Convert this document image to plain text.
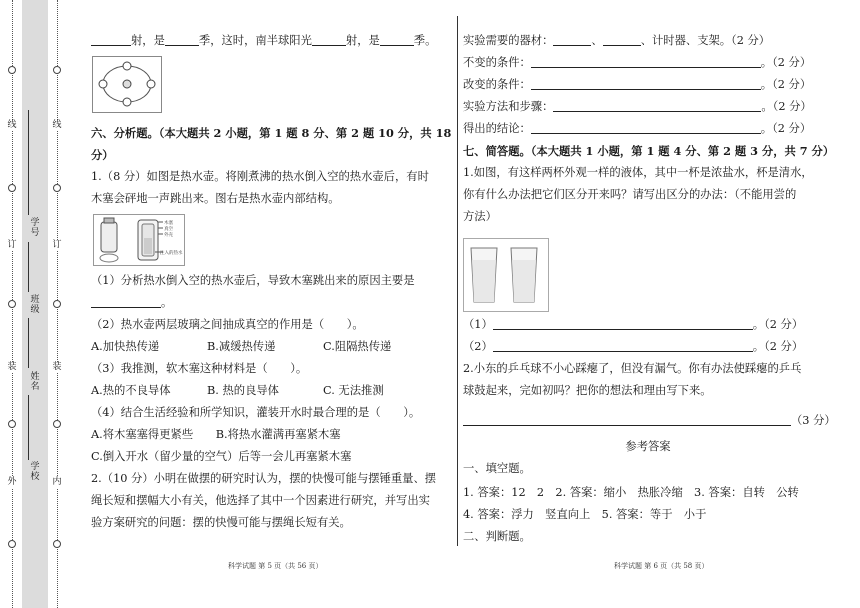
线
订
装
外
线
订
装
内
学号
班级
姓名
学校

射，是	季，这时，南半球阳光	射，是	季。

六、分析题。（本大题共 2 小题，第 1 题 8 分、第 2 题 10 分，共 18

分）

1.（8 分）如图是热水壶。将刚煮沸的热水倒入空的热水壶后，有时

木塞会砰地一声跳出来。图右是热水壶内部结构。

木塞
真空
外壳
注入的热水

（1）分析热水倒入空的热水壶后，导致木塞跳出来的原因主要是

。

（2）热水壶两层玻璃之间抽成真空的作用是（　　）。

A.加快热传递	B.减缓热传递	C.阻隔热传递

（3）我推测，软木塞这种材料是（　　）。

A.热的不良导体	B. 热的良导体	C. 无法推测

（4）结合生活经验和所学知识，灌装开水时最合理的是（　　）。

A.将木塞塞得更紧些　　B.将热水灌满再塞紧木塞

C.倒入开水（留少量的空气）后等一会儿再塞紧木塞

2.（10 分）小明在做摆的研究时认为，摆的快慢可能与摆锤重量、摆

绳长短和摆幅大小有关，他选择了其中一个因素进行研究，并写出实

验方案研究的问题：摆的快慢可能与摆绳长短有关。

实验需要的器材：	、	、计时器、支架。（2 分）

不变的条件：	。（2 分）

改变的条件：	。（2 分）

实验方法和步骤：	。（2 分）

得出的结论：	。（2 分）

七、简答题。（本大题共 1 小题，第 1 题 4 分、第 2 题 3 分，共 7 分）

1.如图，有这样两杯外观一样的液体，其中一杯是浓盐水，杯是清水，

你有什么办法把它们区分开来吗？请写出区分的办法：（不能用尝的

方法）

（1）	。（2 分）

（2）	。（2 分）

2.小东的乒乓球不小心踩瘪了，但没有漏气。你有办法使踩瘪的乒乓

球鼓起来，完如初吗？把你的想法和理由写下来。

（3 分）

参考答案

一、填空题。

1. 答案：12　2　2. 答案：缩小　热胀冷缩　3. 答案：自转　公转

4. 答案：浮力　竖直向上　5. 答案：等于　小于

二、判断题。

科学试题 第 5 页（共 56 页）	科学试题 第 6 页（共 58 页）
